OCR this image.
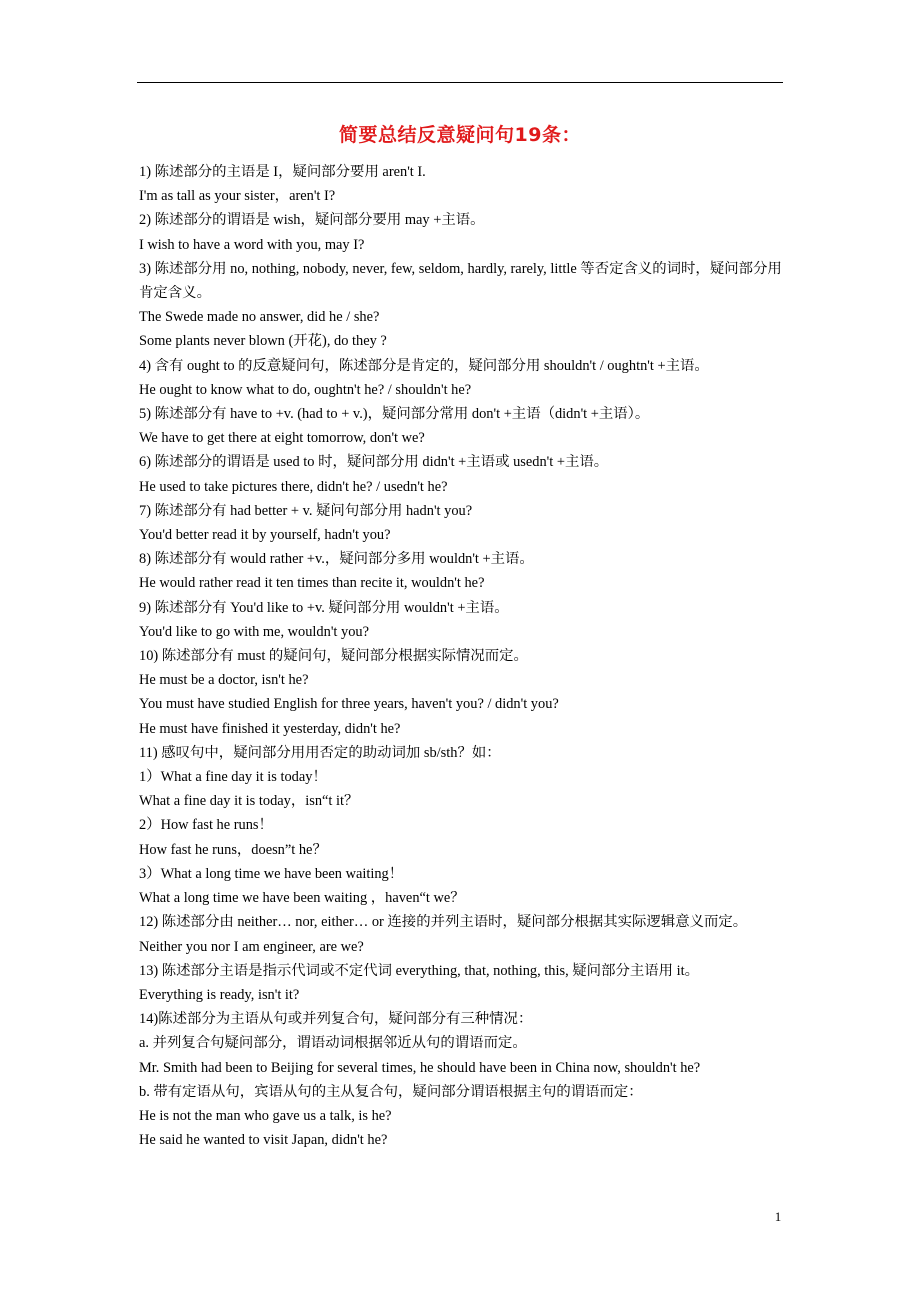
简要总结反意疑问句19条：

1) 陈述部分的主语是 I，疑问部分要用 aren't I.

I'm as tall as your sister，aren't I?

2) 陈述部分的谓语是 wish，疑问部分要用 may +主语。

I wish to have a word with you, may I?

3) 陈述部分用 no, nothing, nobody, never, few, seldom, hardly, rarely, little 等否定含义的词时，疑问部分用肯定含义。

The Swede made no answer, did he / she?

Some plants never blown (开花), do they ?

4) 含有 ought to 的反意疑问句，陈述部分是肯定的，疑问部分用 shouldn't / oughtn't +主语。

He ought to know what to do, oughtn't he? / shouldn't he?

5) 陈述部分有 have to +v. (had to + v.)，疑问部分常用 don't +主语（didn't +主语）。

We have to get there at eight tomorrow, don't we?

6) 陈述部分的谓语是 used to 时，疑问部分用 didn't +主语或 usedn't +主语。

He used to take pictures there, didn't he? / usedn't he?

7) 陈述部分有 had better + v. 疑问句部分用 hadn't you?

You'd better read it by yourself, hadn't you?

8) 陈述部分有 would rather +v.，疑问部分多用 wouldn't +主语。

He would rather read it ten times than recite it, wouldn't he?

9) 陈述部分有 You'd like to +v. 疑问部分用 wouldn't +主语。

You'd like to go with me, wouldn't you?

10) 陈述部分有 must 的疑问句，疑问部分根据实际情况而定。

He must be a doctor, isn't he?

You must have studied English for three years, haven't you? / didn't you?

He must have finished it yesterday, didn't he?

11) 感叹句中，疑问部分用用否定的助动词加 sb/sth？如：

1）What a fine day it is today！

What a fine day it is today，isn“t it？

2）How fast he runs！

How fast he runs，doesn”t he？

3）What a long time we have been waiting！

What a long time we have been waiting ，haven“t we？

12) 陈述部分由 neither… nor, either… or 连接的并列主语时，疑问部分根据其实际逻辑意义而定。

Neither you nor I am engineer, are we?

13) 陈述部分主语是指示代词或不定代词 everything, that, nothing, this, 疑问部分主语用 it。

Everything is ready, isn't it?

14)陈述部分为主语从句或并列复合句，疑问部分有三种情况：

a. 并列复合句疑问部分，谓语动词根据邻近从句的谓语而定。

Mr. Smith had been to Beijing for several times, he should have been in China now, shouldn't he?

b. 带有定语从句，宾语从句的主从复合句，疑问部分谓语根据主句的谓语而定：

He is not the man who gave us a talk, is he?

He said he wanted to visit Japan, didn't he?

1
